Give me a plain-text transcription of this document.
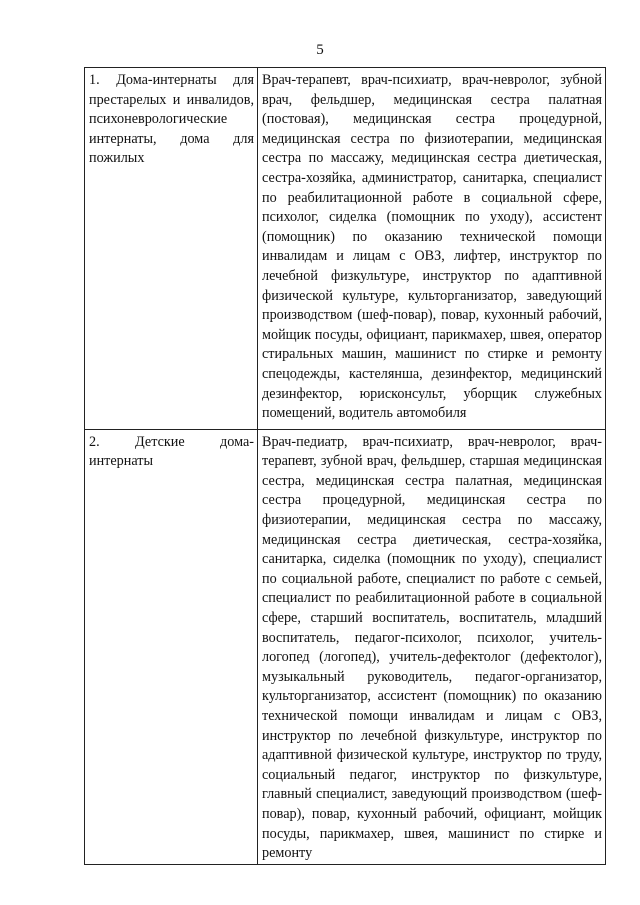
5
1. Дома-интернаты для престарелых и инвалидов, психоневрологические интернаты, дома для пожилых	Врач-терапевт, врач-психиатр, врач-невролог, зубной врач, фельдшер, медицинская сестра палатная (постовая), медицинская сестра процедурной, медицинская сестра по физиотерапии, медицинская сестра по массажу, медицинская сестра диетическая, сестра-хозяйка, администратор, санитарка, специалист по реабилитационной работе в социальной сфере, психолог, сиделка (помощник по уходу), ассистент (помощник) по оказанию технической помощи инвалидам и лицам с ОВЗ, лифтер, инструктор по лечебной физкультуре, инструктор по адаптивной физической культуре, культорганизатор, заведующий производством (шеф-повар), повар, кухонный рабочий, мойщик посуды, официант, парикмахер, швея, оператор стиральных машин, машинист по стирке и ремонту спецодежды, кастелянша, дезинфектор, медицинский дезинфектор, юрисконсульт, уборщик служебных помещений, водитель автомобиля
2. Детские дома-интернаты	Врач-педиатр, врач-психиатр, врач-невролог, врач-терапевт, зубной врач, фельдшер, старшая медицинская сестра, медицинская сестра палатная, медицинская сестра процедурной, медицинская сестра по физиотерапии, медицинская сестра по массажу, медицинская сестра диетическая, сестра-хозяйка, санитарка, сиделка (помощник по уходу), специалист по социальной работе, специалист по работе с семьей, специалист по реабилитационной работе в социальной сфере, старший воспитатель, воспитатель, младший воспитатель, педагог-психолог, психолог, учитель-логопед (логопед), учитель-дефектолог (дефектолог), музыкальный руководитель, педагог-организатор, культорганизатор, ассистент (помощник) по оказанию технической помощи инвалидам и лицам с ОВЗ, инструктор по лечебной физкультуре, инструктор по адаптивной физической культуре, инструктор по труду, социальный педагог, инструктор по физкультуре, главный специалист, заведующий производством (шеф-повар), повар, кухонный рабочий, официант, мойщик посуды, парикмахер, швея, машинист по стирке и ремонту
